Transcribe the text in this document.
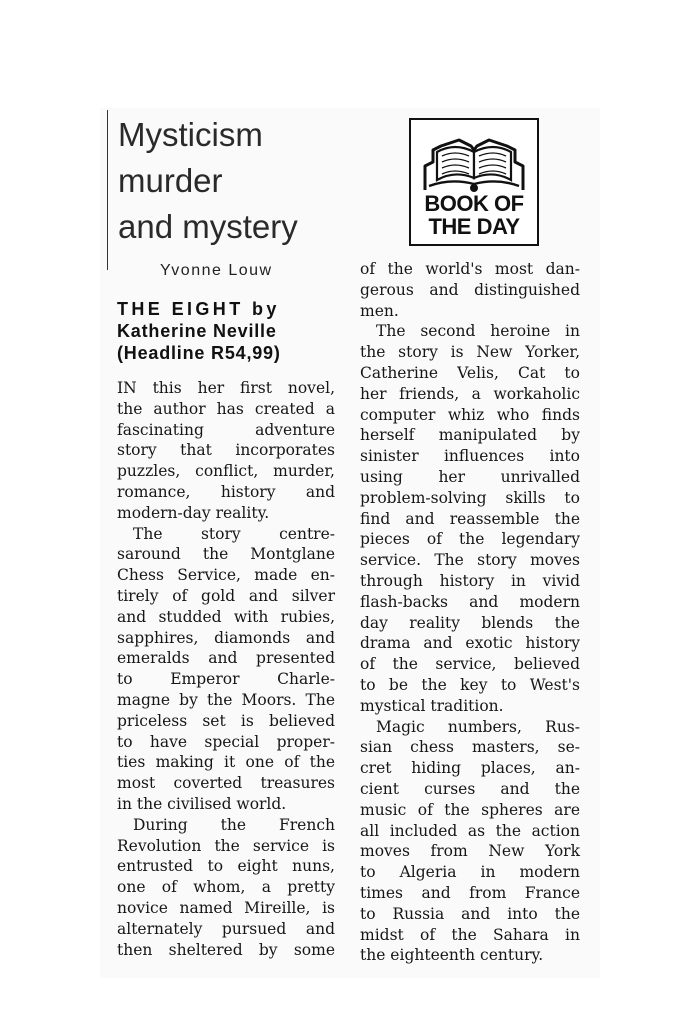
Mysticism
murder
and mystery
BOOK OF
THE DAY
Yvonne Louw
THE EIGHT by
Katherine Neville
(Headline R54,99)
IN this her first novel,
the author has created a
fascinating adventure
story that incorporates
puzzles, conflict, murder,
romance, history and
modern-day reality.
The story centre-
saround the Montglane
Chess Service, made en-
tirely of gold and silver
and studded with rubies,
sapphires, diamonds and
emeralds and presented
to Emperor Charle-
magne by the Moors. The
priceless set is believed
to have special proper-
ties making it one of the
most coverted treasures
in the civilised world.
During the French
Revolution the service is
entrusted to eight nuns,
one of whom, a pretty
novice named Mireille, is
alternately pursued and
then sheltered by some
of the world's most dan-
gerous and distinguished
men.
The second heroine in
the story is New Yorker,
Catherine Velis, Cat to
her friends, a workaholic
computer whiz who finds
herself manipulated by
sinister influences into
using her unrivalled
problem-solving skills to
find and reassemble the
pieces of the legendary
service. The story moves
through history in vivid
flash-backs and modern
day reality blends the
drama and exotic history
of the service, believed
to be the key to West's
mystical tradition.
Magic numbers, Rus-
sian chess masters, se-
cret hiding places, an-
cient curses and the
music of the spheres are
all included as the action
moves from New York
to Algeria in modern
times and from France
to Russia and into the
midst of the Sahara in
the eighteenth century.
